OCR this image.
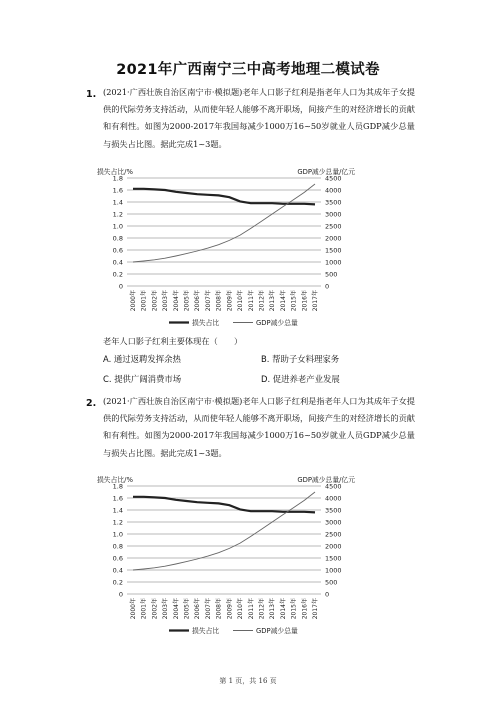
2021年广西南宁三中高考地理二模试卷
1. (2021·广西壮族自治区南宁市·模拟题)老年人口影子红利是指老年人口为其成年子女提供的代际劳务支持活动，从而使年轻人能够不离开职场，间接产生的对经济增长的贡献和有利性。如图为2000-2017年我国每减少1000万16~50岁就业人员GDP减少总量与损失占比图。据此完成1~3题。
0
0.2
0.4
0.6
0.8
1.0
1.2
1.4
1.6
1.8
0
500
1000
1500
2000
2500
3000
3500
4000
4500
损失占比/%	GDP减少总量/亿元
2000年 2001年 2002年 2003年 2004年 2005年 2006年 2007年 2008年 2009年 2010年 2011年 2012年 2013年 2014年 2015年 2016年 2017年
损失占比	GDP减少总量
老年人口影子红利主要体现在（　　）
A. 通过返聘发挥余热	B. 帮助子女料理家务
C. 提供广阔消费市场	D. 促进养老产业发展
2. (2021·广西壮族自治区南宁市·模拟题)老年人口影子红利是指老年人口为其成年子女提供的代际劳务支持活动，从而使年轻人能够不离开职场，间接产生的对经济增长的贡献和有利性。如图为2000-2017年我国每减少1000万16~50岁就业人员GDP减少总量与损失占比图。据此完成1~3题。
0
0.2
0.4
0.6
0.8
1.0
1.2
1.4
1.6
1.8
0
500
1000
1500
2000
2500
3000
3500
4000
4500
损失占比/%	GDP减少总量/亿元
2000年 2001年 2002年 2003年 2004年 2005年 2006年 2007年 2008年 2009年 2010年 2011年 2012年 2013年 2014年 2015年 2016年 2017年
损失占比	GDP减少总量
第 1 页，共 16 页
